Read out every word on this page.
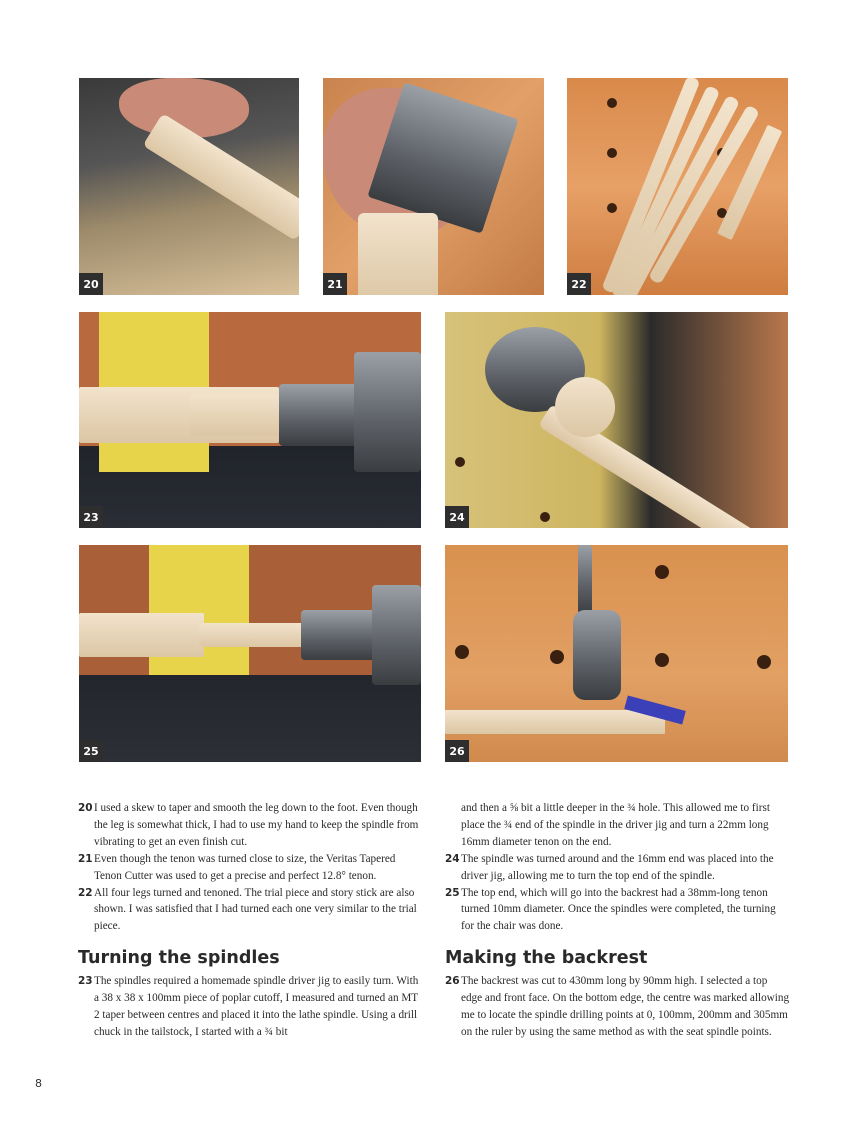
20	21	22
23	24
25	26

20 I used a skew to taper and smooth the leg down to the foot. Even though the leg is somewhat thick, I had to use my hand to keep the spindle from vibrating to get an even finish cut.

21 Even though the tenon was turned close to size, the Veritas Tapered Tenon Cutter was used to get a precise and perfect 12.8° tenon.

22 All four legs turned and tenoned. The trial piece and story stick are also shown. I was satisfied that I had turned each one very similar to the trial piece.

Turning the spindles

23 The spindles required a homemade spindle driver jig to easily turn. With a 38 x 38 x 100mm piece of poplar cutoff, I measured and turned an MT 2 taper between centres and placed it into the lathe spindle. Using a drill chuck in the tailstock, I started with a ¾ bit

and then a ⅝ bit a little deeper in the ¾ hole. This allowed me to first place the ¾ end of the spindle in the driver jig and turn a 22mm long 16mm diameter tenon on the end.

24 The spindle was turned around and the 16mm end was placed into the driver jig, allowing me to turn the top end of the spindle.

25 The top end, which will go into the backrest had a 38mm-long tenon turned 10mm diameter. Once the spindles were completed, the turning for the chair was done.

Making the backrest

26 The backrest was cut to 430mm long by 90mm high. I selected a top edge and front face. On the bottom edge, the centre was marked allowing me to locate the spindle drilling points at 0, 100mm, 200mm and 305mm on the ruler by using the same method as with the seat spindle points.

8
